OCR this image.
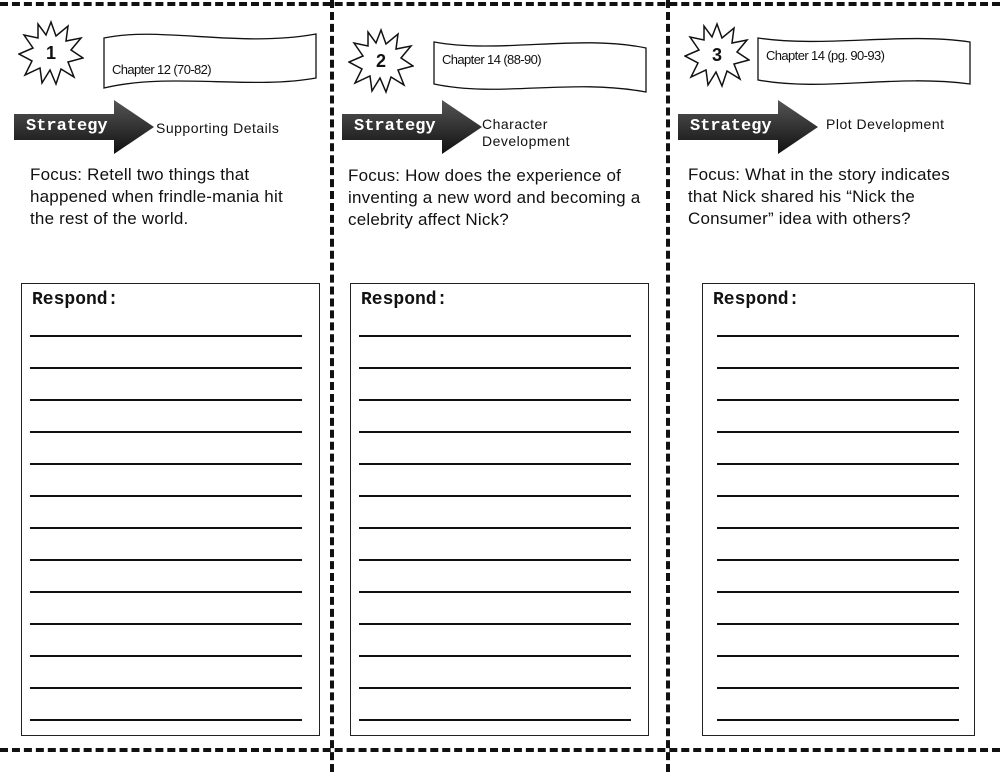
1
Chapter 12 (70-82)
Strategy	Supporting Details
Focus: Retell two things that happened when frindle-mania hit the rest of the world.
Respond:
2	Chapter 14 (88-90)
Strategy	Character Development
Focus: How does the experience of inventing a new word and becoming a celebrity affect Nick?
Respond:
3	Chapter 14 (pg. 90-93)
Strategy	Plot Development
Focus: What in the story indicates that Nick shared his “Nick the Consumer” idea with others?
Respond:
